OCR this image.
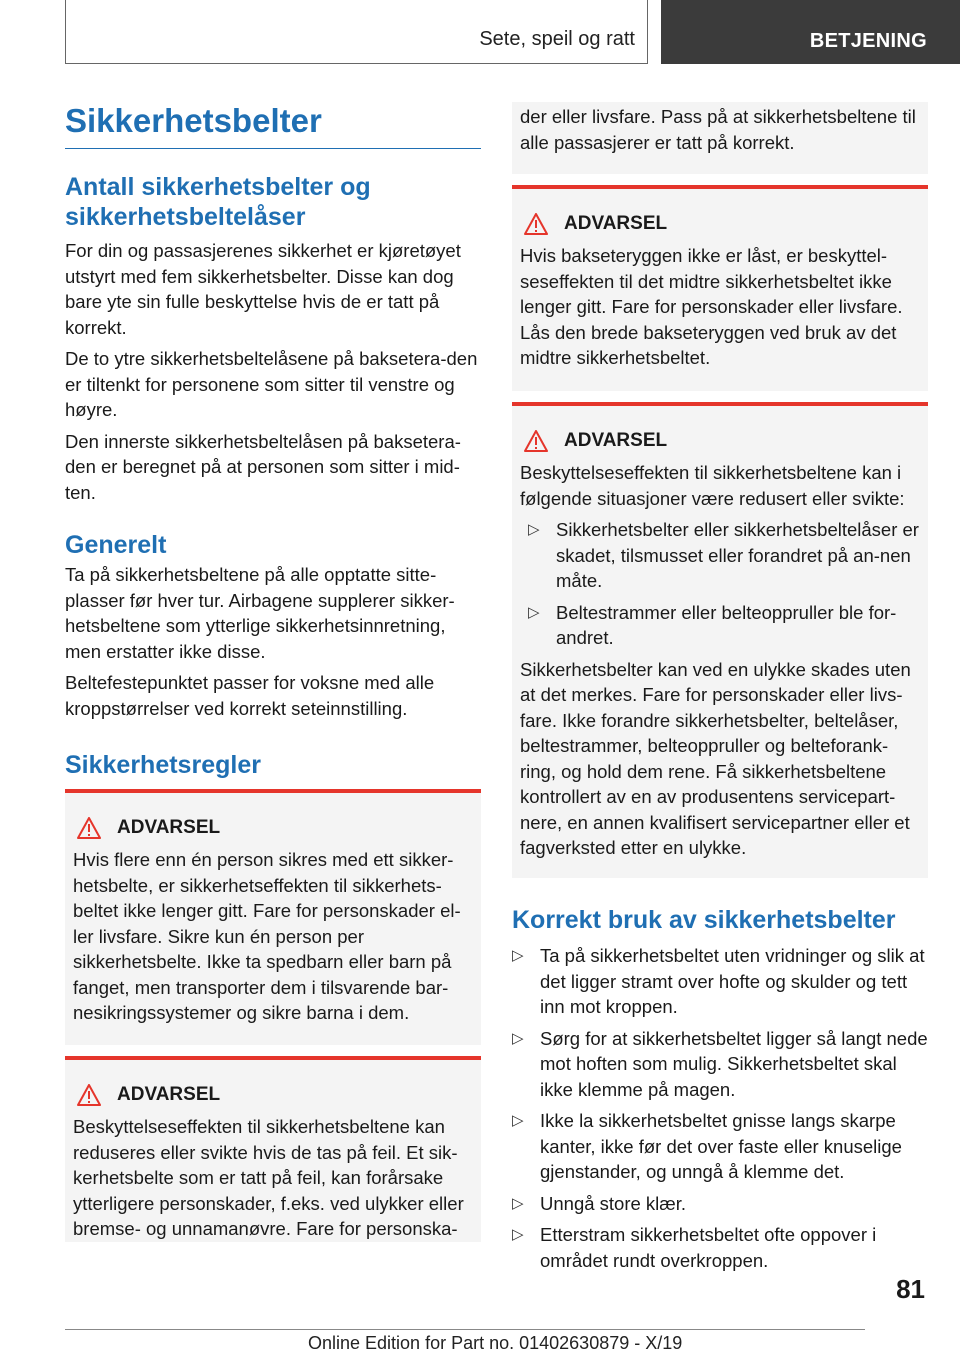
Sete, speil og ratt	BETJENING
Sikkerhetsbelter
Antall sikkerhetsbelter og sikkerhetsbeltelåser

For din og passasjerenes sikkerhet er kjøretøyet utstyrt med fem sikkerhetsbelter. Disse kan dog bare yte sin fulle beskyttelse hvis de er tatt på korrekt.

De to ytre sikkerhetsbeltelåsene på baksetera-den er tiltenkt for personene som sitter til venstre og høyre.

Den innerste sikkerhetsbeltelåsen på baksetera-den er beregnet på at personen som sitter i mid-ten.

Generelt

Ta på sikkerhetsbeltene på alle opptatte sitte-plasser før hver tur. Airbagene supplerer sikker-hetsbeltene som ytterlige sikkerhetsinnretning, men erstatter ikke disse.

Beltefestepunktet passer for voksne med alle kroppstørrelser ved korrekt seteinnstilling.

Sikkerhetsregler
ADVARSEL

Hvis flere enn én person sikres med ett sikker-hetsbelte, er sikkerhetseffekten til sikkerhets-beltet ikke lenger gitt. Fare for personskader el-ler livsfare. Sikre kun én person per sikkerhetsbelte. Ikke ta spedbarn eller barn på fanget, men transporter dem i tilsvarende bar-nesikringssystemer og sikre barna i dem.

ADVARSEL

Beskyttelseseffekten til sikkerhetsbeltene kan reduseres eller svikte hvis de tas på feil. Et sik-kerhetsbelte som er tatt på feil, kan forårsake ytterligere personskader, f.eks. ved ulykker eller bremse- og unnamanøvre. Fare for personska-

der eller livsfare. Pass på at sikkerhetsbeltene til alle passasjerer er tatt på korrekt.

ADVARSEL

Hvis bakseteryggen ikke er låst, er beskyttel-seseffekten til det midtre sikkerhetsbeltet ikke lenger gitt. Fare for personskader eller livsfare. Lås den brede bakseteryggen ved bruk av det midtre sikkerhetsbeltet.

ADVARSEL

Beskyttelseseffekten til sikkerhetsbeltene kan i følgende situasjoner være redusert eller svikte:

▷ Sikkerhetsbelter eller sikkerhetsbeltelåser er skadet, tilsmusset eller forandret på an-nen måte.
▷ Beltestrammer eller belteoppruller ble for-andret.

Sikkerhetsbelter kan ved en ulykke skades uten at det merkes. Fare for personskader eller livs-fare. Ikke forandre sikkerhetsbelter, beltelåser, beltestrammer, belteoppruller og belteforank-ring, og hold dem rene. Få sikkerhetsbeltene kontrollert av en av produsentens servicepart-nere, en annen kvalifisert servicepartner eller et fagverksted etter en ulykke.

Korrekt bruk av sikkerhetsbelter
▷ Ta på sikkerhetsbeltet uten vridninger og slik at det ligger stramt over hofte og skulder og tett inn mot kroppen.
▷ Sørg for at sikkerhetsbeltet ligger så langt nede mot hoften som mulig. Sikkerhetsbeltet skal ikke klemme på magen.
▷ Ikke la sikkerhetsbeltet gnisse langs skarpe kanter, ikke før det over faste eller knuselige gjenstander, og unngå å klemme det.
▷ Unngå store klær.
▷ Etterstram sikkerhetsbeltet ofte oppover i området rundt overkroppen.
81
Online Edition for Part no. 01402630879 - X/19
